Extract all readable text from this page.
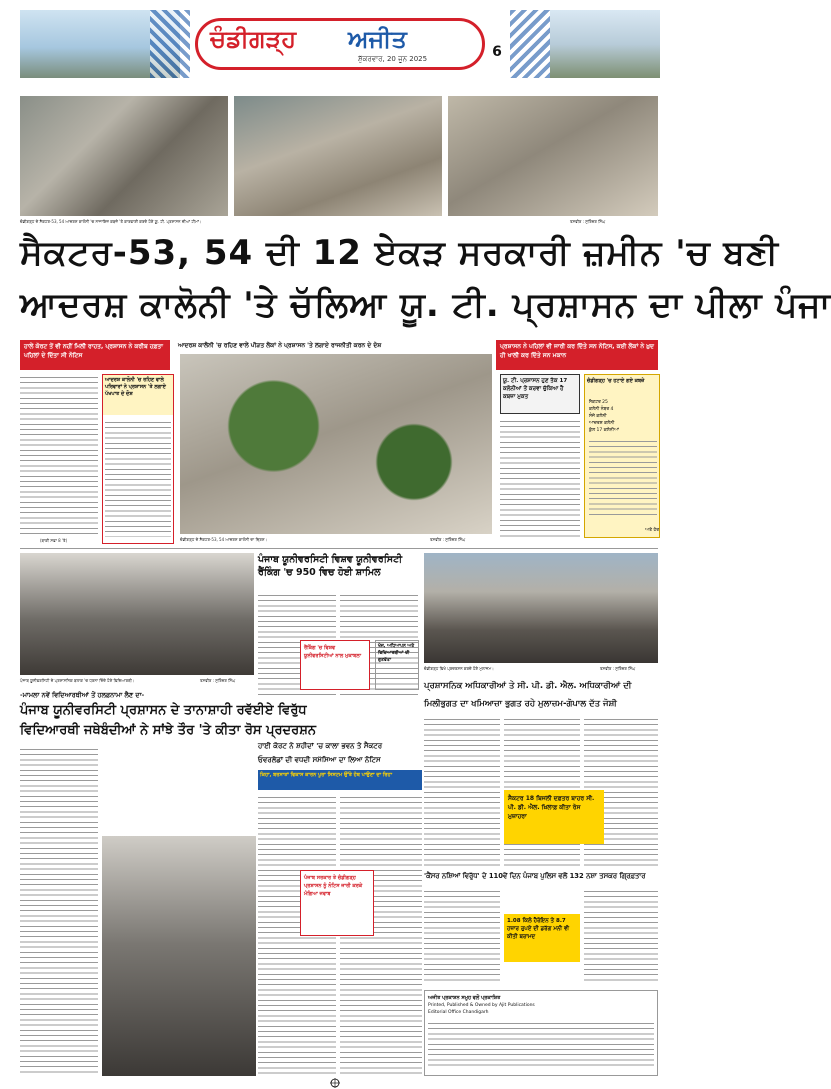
ਚੰਡੀਗੜ੍ਹ	ਅਜੀਤ
ਸ਼ੁੱਕਰਵਾਰ, 20 ਜੂਨ 2025	6
ਚੰਡੀਗੜ੍ਹ ਦੇ ਸੈਕਟਰ-53, 54 ਆਦਰਸ਼ ਕਾਲੋਨੀ 'ਚ ਨਾਜਾਇਜ਼ ਕਬਜ਼ੇ 'ਤੇ ਕਾਰਵਾਈ ਕਰਦੇ ਹੋਏ ਯੂ. ਟੀ. ਪ੍ਰਸ਼ਾਸਨ ਦੀਆਂ ਟੀਮਾਂ।	ਤਸਵੀਰ : ਸੁਰਿੰਦਰ ਸਿੰਘ
ਸੈਕਟਰ-53, 54 ਦੀ 12 ਏਕੜ ਸਰਕਾਰੀ ਜ਼ਮੀਨ 'ਚ ਬਣੀ
ਆਦਰਸ਼ ਕਾਲੋਨੀ 'ਤੇ ਚੱਲਿਆ ਯੂ. ਟੀ. ਪ੍ਰਸ਼ਾਸਨ ਦਾ ਪੀਲਾ ਪੰਜਾ
ਹਾਲੇ ਕੋਰਟ ਤੋਂ ਵੀ ਨਹੀਂ ਮਿਲੀ ਰਾਹਤ, ਪ੍ਰਸ਼ਾਸਨ ਨੇ ਕਰੀਬ ਹਫ਼ਤਾ ਪਹਿਲਾਂ ਦੇ ਦਿੱਤਾ ਸੀ ਨੋਟਿਸ
ਆਦਰਸ਼ ਕਾਲੋਨੀ 'ਚ ਰਹਿਣ ਵਾਲੇ ਪਰਿਵਾਰਾਂ ਨੇ ਪ੍ਰਸ਼ਾਸਨ 'ਤੇ ਲਗਾਏ ਪੱਖਪਾਤ ਦੇ ਦੋਸ਼
(ਬਾਕੀ ਸਫ਼ਾ 8 'ਤੇ)
ਆਦਰਸ਼ ਕਾਲੋਨੀ 'ਚ ਰਹਿਣ ਵਾਲੇ ਪੀੜਤ ਲੋਕਾਂ ਨੇ ਪ੍ਰਸ਼ਾਸਨ 'ਤੇ ਲਗਾਏ ਰਾਜਨੀਤੀ ਕਰਨ ਦੇ ਦੋਸ਼
ਚੰਡੀਗੜ੍ਹ ਦੇ ਸੈਕਟਰ-53, 54 ਆਦਰਸ਼ ਕਾਲੋਨੀ ਦਾ ਦ੍ਰਿਸ਼।	ਤਸਵੀਰ : ਸੁਰਿੰਦਰ ਸਿੰਘ
ਪ੍ਰਸ਼ਾਸਨ ਨੇ ਪਹਿਲਾਂ ਵੀ ਜਾਰੀ ਕਰ ਦਿੱਤੇ ਸਨ ਨੋਟਿਸ, ਕਈ ਲੋਕਾਂ ਨੇ ਖ਼ੁਦ ਹੀ ਖਾਲੀ ਕਰ ਦਿੱਤੇ ਸਨ ਮਕਾਨ
ਯੂ. ਟੀ. ਪ੍ਰਸ਼ਾਸਨ ਹੁਣ ਤੱਕ 17 ਕਲੋਨੀਆਂ ਤੋਂ ਕਰਵਾ ਚੁੱਕਿਆ ਹੈ ਕਬਜ਼ਾ ਮੁਕਤ
ਚੰਡੀਗੜ੍ਹ 'ਚ ਹਟਾਏ ਗਏ ਕਬਜ਼ੇ
ਸੈਕਟਰ 25
ਕਲੋਨੀ ਨੰਬਰ 4
ਸੰਜੇ ਕਲੋਨੀ
ਆਦਰਸ਼ ਕਲੋਨੀ
ਕੁੱਲ 17 ਕਲੋਨੀਆਂ
ਅਤੇ ਹੋਰ
ਪੰਜਾਬ ਯੂਨੀਵਰਸਿਟੀ ਦੇ ਪ੍ਰਸ਼ਾਸਨਿਕ ਬਲਾਕ 'ਚ ਧਰਨਾ ਦਿੰਦੇ ਹੋਏ ਵਿਦਿਆਰਥੀ।	ਤਸਵੀਰ : ਸੁਰਿੰਦਰ ਸਿੰਘ
-ਮਾਮਲਾ ਨਵੇਂ ਵਿਦਿਆਰਥੀਆਂ ਤੋਂ ਹਲਫ਼ਨਾਮਾ ਲੈਣ ਦਾ-
ਪੰਜਾਬ ਯੂਨੀਵਰਸਿਟੀ ਪ੍ਰਸ਼ਾਸਨ ਦੇ ਤਾਨਾਸ਼ਾਹੀ ਰਵੱਈਏ ਵਿਰੁੱਧ
ਵਿਦਿਆਰਥੀ ਜਥੇਬੰਦੀਆਂ ਨੇ ਸਾਂਝੇ ਤੌਰ 'ਤੇ ਕੀਤਾ ਰੋਸ ਪ੍ਰਦਰਸ਼ਨ
ਪੰਜਾਬ ਯੂਨੀਵਰਸਿਟੀ ਵਿਸ਼ਵ ਯੂਨੀਵਰਸਿਟੀ ਰੈਂਕਿੰਗ 'ਚ 950 ਵਿਚ ਹੋਈ ਸ਼ਾਮਿਲ
ਰੈਂਕਿੰਗ 'ਚ ਵਿਸ਼ਵ ਯੂਨੀਵਰਸਿਟੀਆਂ ਨਾਲ ਮੁਕਾਬਲਾ
ਖੋਜ, ਅਧਿਆਪਨ ਅਤੇ ਵਿਦਿਆਰਥੀਆਂ ਦੀ ਗੁਣਵੱਤਾ
ਹਾਈ ਕੋਰਟ ਨੇ ਸ਼ਹੀਦਾਂ 'ਚ ਕਾਲਾ ਭਵਨ ਤੇ ਸੈਕਟਰ
ਓਵਰਲੋਡਾਂ ਦੀ ਵਧਦੀ ਸਮੱਸਿਆ ਦਾ ਲਿਆ ਨੋਟਿਸ
ਕਿਹਾ, ਬਰਸਾਤਾਂ ਵਿਕਾਸ ਕਾਰਨ ਪੂਰਾ ਸਿਸਟਮ ਉੱਤੇ ਹੱਥ ਪਾਉਣਾ ਦਾ ਰਿਹਾ
ਪੰਜਾਬ ਸਰਕਾਰ ਤੇ ਚੰਡੀਗੜ੍ਹ ਪ੍ਰਸ਼ਾਸਨ ਨੂੰ ਨੋਟਿਸ ਜਾਰੀ ਕਰਕੇ ਮੰਗਿਆ ਜਵਾਬ
ਚੰਡੀਗੜ੍ਹ ਵਿਖੇ ਪ੍ਰਦਰਸ਼ਨ ਕਰਦੇ ਹੋਏ ਮੁਲਾਜ਼ਮ।	ਤਸਵੀਰ : ਸੁਰਿੰਦਰ ਸਿੰਘ
ਪ੍ਰਸ਼ਾਸਨਿਕ ਅਧਿਕਾਰੀਆਂ ਤੇ ਸੀ. ਪੀ. ਡੀ. ਐਲ. ਅਧਿਕਾਰੀਆਂ ਦੀ
ਮਿਲੀਭੁਗਤ ਦਾ ਖਮਿਆਜ਼ਾ ਭੁਗਤ ਰਹੇ ਮੁਲਾਜ਼ਮ-ਗੋਪਾਲ ਦੱਤ ਜੋਸ਼ੀ
ਸੈਕਟਰ 18 ਬਿਜਲੀ ਦਫ਼ਤਰ ਬਾਹਰ ਸੀ. ਪੀ. ਡੀ. ਐਲ. ਖ਼ਿਲਾਫ਼ ਕੀਤਾ ਰੋਸ ਮੁਜ਼ਾਹਰਾ
'ਕੈਂਸਰ ਨਸ਼ਿਆਂ ਵਿਰੁੱਧ' ਦੇ 110ਵੇਂ ਦਿਨ ਪੰਜਾਬ ਪੁਲਿਸ ਵਲੋਂ 132 ਨਸ਼ਾ ਤਸਕਰ ਗ੍ਰਿਫ਼ਤਾਰ
1.08 ਕਿਲੋ ਹੈਰੋਇਨ ਤੇ 8.7 ਹਜ਼ਾਰ ਰੁਪਏ ਦੀ ਡਰੱਗ ਮਨੀ ਵੀ ਕੀਤੀ ਬਰਾਮਦ
ਅਜੀਤ ਪ੍ਰਕਾਸ਼ਨ ਸਮੂਹ ਵਲੋਂ ਪ੍ਰਕਾਸ਼ਿਤ
Printed, Published & Owned by Ajit Publications
Editorial Office Chandigarh
